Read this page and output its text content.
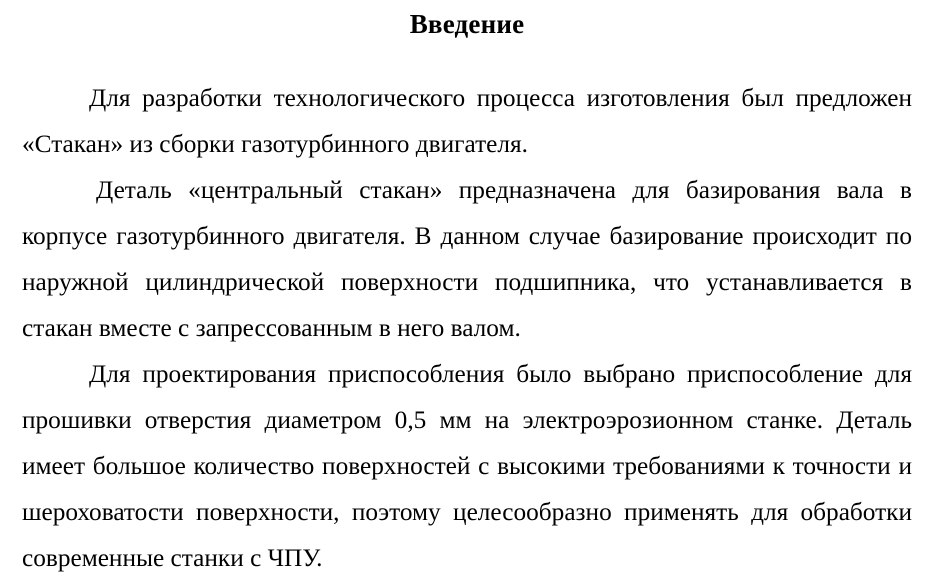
Введение

Для разработки технологического процесса изготовления был предложен «Стакан» из сборки газотурбинного двигателя.

Деталь «центральный стакан» предназначена для базирования вала в корпусе газотурбинного двигателя. В данном случае базирование происходит по наружной цилиндрической поверхности подшипника, что устанавливается в стакан вместе с запрессованным в него валом.

Для проектирования приспособления было выбрано приспособление для прошивки отверстия диаметром 0,5 мм на электроэрозионном станке. Деталь имеет большое количество поверхностей с высокими требованиями к точности и шероховатости поверхности, поэтому целесообразно применять для обработки современные станки с ЧПУ.
